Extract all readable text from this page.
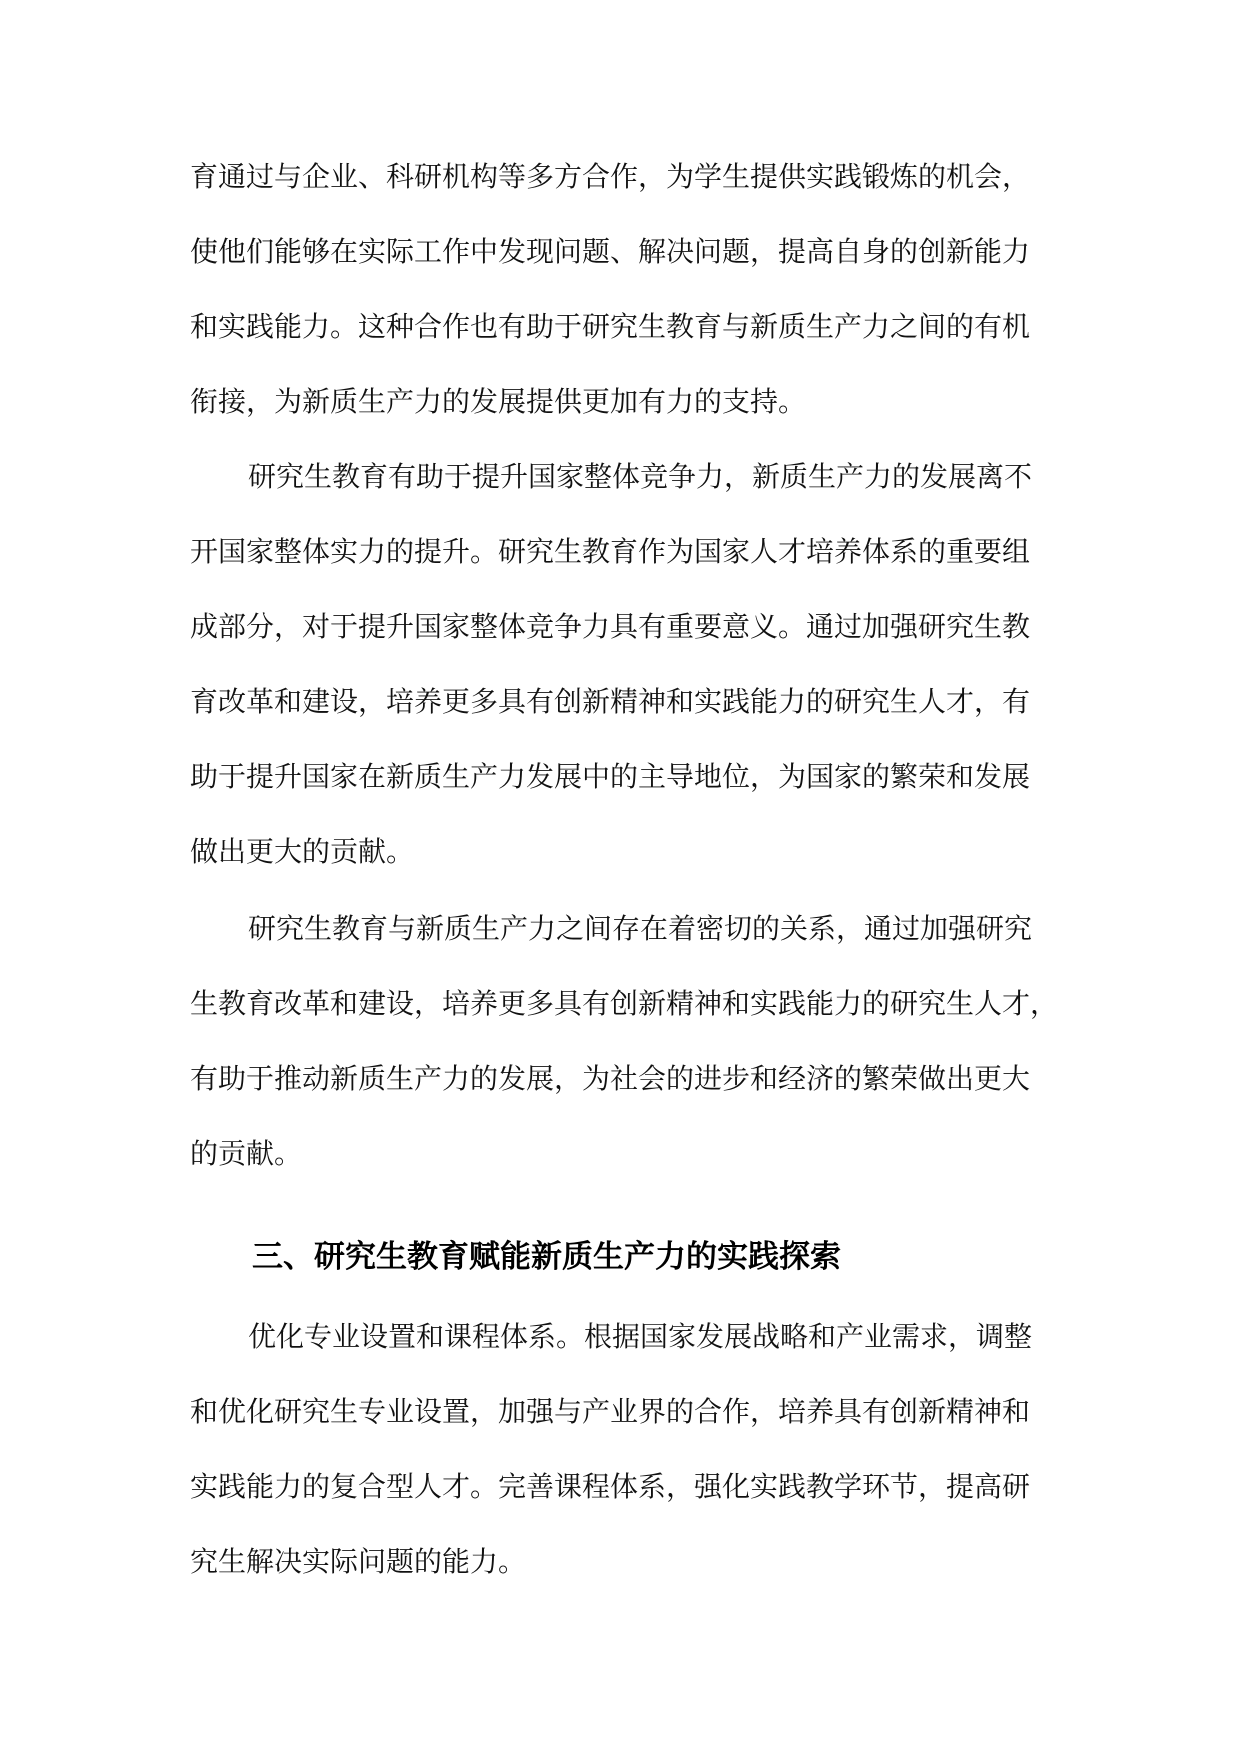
育通过与企业、科研机构等多方合作，为学生提供实践锻炼的机会，
使他们能够在实际工作中发现问题、解决问题，提高自身的创新能力
和实践能力。这种合作也有助于研究生教育与新质生产力之间的有机
衔接，为新质生产力的发展提供更加有力的支持。
研究生教育有助于提升国家整体竞争力，新质生产力的发展离不
开国家整体实力的提升。研究生教育作为国家人才培养体系的重要组
成部分，对于提升国家整体竞争力具有重要意义。通过加强研究生教
育改革和建设，培养更多具有创新精神和实践能力的研究生人才，有
助于提升国家在新质生产力发展中的主导地位，为国家的繁荣和发展
做出更大的贡献。
研究生教育与新质生产力之间存在着密切的关系，通过加强研究
生教育改革和建设，培养更多具有创新精神和实践能力的研究生人才，
有助于推动新质生产力的发展，为社会的进步和经济的繁荣做出更大
的贡献。
三、研究生教育赋能新质生产力的实践探索
优化专业设置和课程体系。根据国家发展战略和产业需求，调整
和优化研究生专业设置，加强与产业界的合作，培养具有创新精神和
实践能力的复合型人才。完善课程体系，强化实践教学环节，提高研
究生解决实际问题的能力。
